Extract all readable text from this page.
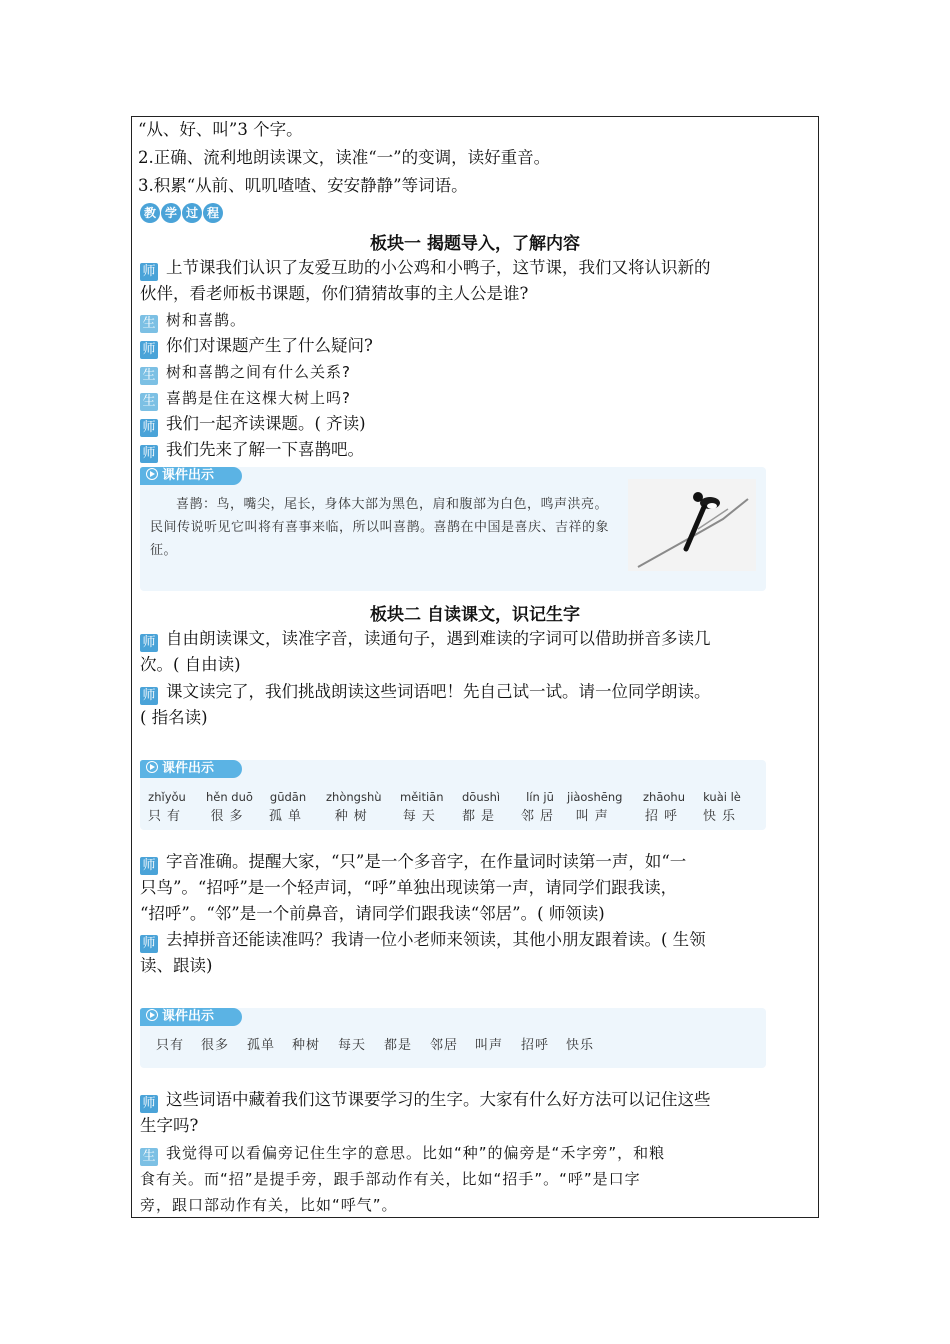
“从、好、叫”3 个字。
2.正确、流利地朗读课文，读准“一”的变调，读好重音。
3.积累“从前、叽叽喳喳、安安静静”等词语。
教 学 过 程
板块一 揭题导入，了解内容
师 上节课我们认识了友爱互助的小公鸡和小鸭子，这节课，我们又将认识新的
伙伴，看老师板书课题，你们猜猜故事的主人公是谁?
生 树和喜鹊。
师 你们对课题产生了什么疑问?
生 树和喜鹊之间有什么关系?
生 喜鹊是住在这棵大树上吗?
师 我们一起齐读课题。( 齐读)
师 我们先来了解一下喜鹊吧。
课件出示
喜鹊：鸟，嘴尖，尾长，身体大部为黑色，肩和腹部为白色，鸣声洪亮。民间传说听见它叫将有喜事来临，所以叫喜鹊。喜鹊在中国是喜庆、吉祥的象征。
板块二 自读课文，识记生字
师 自由朗读课文，读准字音，读通句子，遇到难读的字词可以借助拼音多读几
次。( 自由读)
师 课文读完了，我们挑战朗读这些词语吧！先自己试一试。请一位同学朗读。
( 指名读)
课件出示
zhǐyǒu
只有
hěn duō
很多
gūdān
孤单
zhòngshù
种树
měitiān
每天
dōushì
都是
lín jū
邻居
jiàoshēng
叫声
zhāohu
招呼
kuài lè
快乐
师 字音准确。提醒大家，“只”是一个多音字，在作量词时读第一声，如“一
只鸟”。“招呼”是一个轻声词，“呼”单独出现读第一声，请同学们跟我读，
“招呼”。“邻”是一个前鼻音，请同学们跟我读“邻居”。( 师领读)
师 去掉拼音还能读准吗？我请一位小老师来领读，其他小朋友跟着读。( 生领
读、跟读)
课件出示
只有 很多 孤单 种树 每天 都是 邻居 叫声 招呼 快乐
师 这些词语中藏着我们这节课要学习的生字。大家有什么好方法可以记住这些
生字吗?
生 我觉得可以看偏旁记住生字的意思。比如“种”的偏旁是“禾字旁”，和粮
食有关。而“招”是提手旁，跟手部动作有关，比如“招手”。“呼”是口字
旁，跟口部动作有关，比如“呼气”。
